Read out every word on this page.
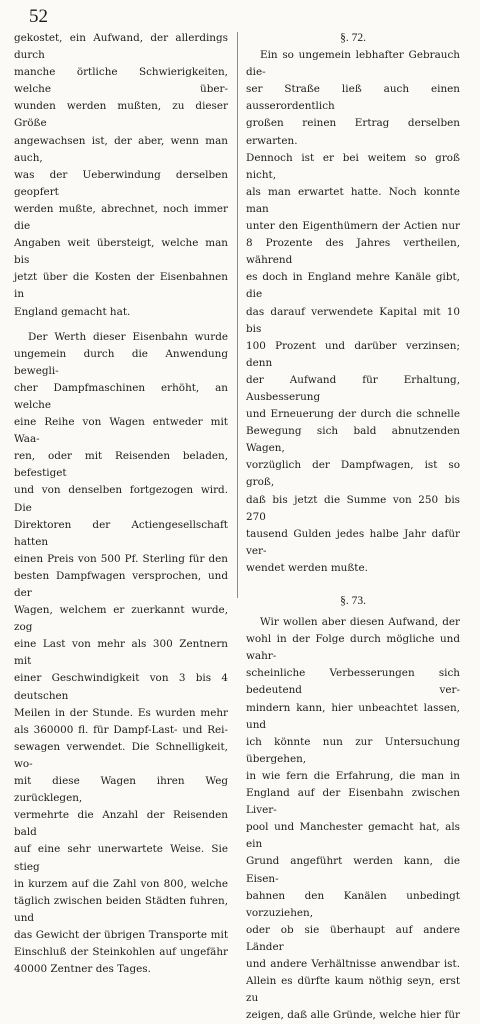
52

gekostet, ein Aufwand, der allerdings durch

manche örtliche Schwierigkeiten, welche über-

wunden werden mußten, zu dieser Größe

angewachsen ist, der aber, wenn man auch,

was der Ueberwindung derselben geopfert

werden mußte, abrechnet, noch immer die

Angaben weit übersteigt, welche man bis

jetzt über die Kosten der Eisenbahnen in

England gemacht hat.

Der Werth dieser Eisenbahn wurde

ungemein durch die Anwendung bewegli-

cher Dampfmaschinen erhöht, an welche

eine Reihe von Wagen entweder mit Waa-

ren, oder mit Reisenden beladen, befestiget

und von denselben fortgezogen wird. Die

Direktoren der Actiengesellschaft hatten

einen Preis von 500 Pf. Sterling für den

besten Dampfwagen versprochen, und der

Wagen, welchem er zuerkannt wurde, zog

eine Last von mehr als 300 Zentnern mit

einer Geschwindigkeit von 3 bis 4 deutschen

Meilen in der Stunde. Es wurden mehr

als 360000 fl. für Dampf-Last- und Rei-

sewagen verwendet. Die Schnelligkeit, wo-

mit diese Wagen ihren Weg zurücklegen,

vermehrte die Anzahl der Reisenden bald

auf eine sehr unerwartete Weise. Sie stieg

in kurzem auf die Zahl von 800, welche

täglich zwischen beiden Städten fuhren, und

das Gewicht der übrigen Transporte mit

Einschluß der Steinkohlen auf ungefähr

40000 Zentner des Tages.

§. 72.

Ein so ungemein lebhafter Gebrauch die-

ser Straße ließ auch einen ausserordentlich

großen reinen Ertrag derselben erwarten.

Dennoch ist er bei weitem so groß nicht,

als man erwartet hatte. Noch konnte man

unter den Eigenthümern der Actien nur

8 Prozente des Jahres vertheilen, während

es doch in England mehre Kanäle gibt, die

das darauf verwendete Kapital mit 10 bis

100 Prozent und darüber verzinsen; denn

der Aufwand für Erhaltung, Ausbesserung

und Erneuerung der durch die schnelle

Bewegung sich bald abnutzenden Wagen,

vorzüglich der Dampfwagen, ist so groß,

daß bis jetzt die Summe von 250 bis 270

tausend Gulden jedes halbe Jahr dafür ver-

wendet werden mußte.

§. 73.

Wir wollen aber diesen Aufwand, der

wohl in der Folge durch mögliche und wahr-

scheinliche Verbesserungen sich bedeutend ver-

mindern kann, hier unbeachtet lassen, und

ich könnte nun zur Untersuchung übergehen,

in wie fern die Erfahrung, die man in

England auf der Eisenbahn zwischen Liver-

pool und Manchester gemacht hat, als ein

Grund angeführt werden kann, die Eisen-

bahnen den Kanälen unbedingt vorzuziehen,

oder ob sie überhaupt auf andere Länder

und andere Verhältnisse anwendbar ist.

Allein es dürfte kaum nöthig seyn, erst zu

zeigen, daß alle Gründe, welche hier für
